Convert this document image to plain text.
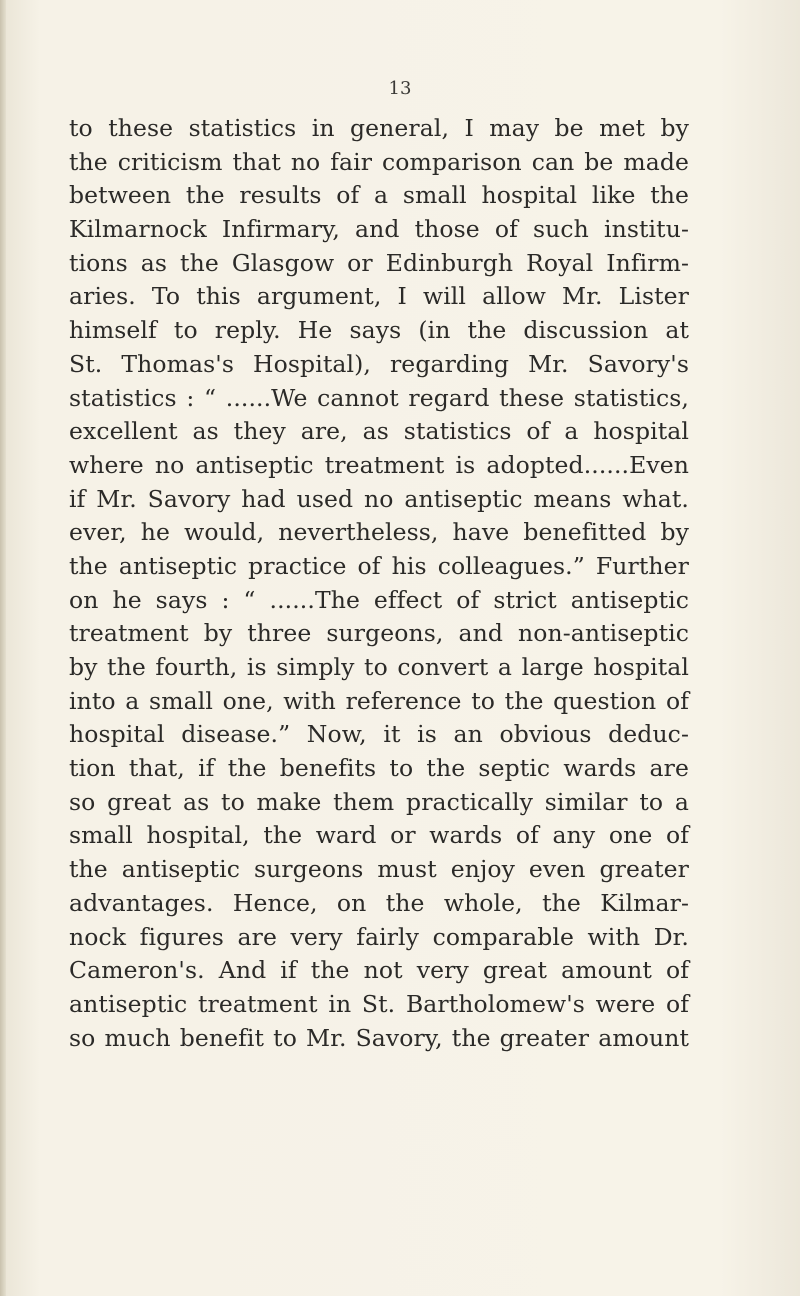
13
to these statistics in general, I may be met by
the criticism that no fair comparison can be made
between the results of a small hospital like the
Kilmarnock Infirmary, and those of such institu-
tions as the Glasgow or Edinburgh Royal Infirm-
aries. To this argument, I will allow Mr. Lister
himself to reply. He says (in the discussion at
St. Thomas's Hospital), regarding Mr. Savory's
statistics : “ ......We cannot regard these statistics,
excellent as they are, as statistics of a hospital
where no antiseptic treatment is adopted......Even
if Mr. Savory had used no antiseptic means what.
ever, he would, nevertheless, have benefitted by
the antiseptic practice of his colleagues.” Further
on he says : “ ......The effect of strict antiseptic
treatment by three surgeons, and non-antiseptic
by the fourth, is simply to convert a large hospital
into a small one, with reference to the question of
hospital disease.” Now, it is an obvious deduc-
tion that, if the benefits to the septic wards are
so great as to make them practically similar to a
small hospital, the ward or wards of any one of
the antiseptic surgeons must enjoy even greater
advantages. Hence, on the whole, the Kilmar-
nock figures are very fairly comparable with Dr.
Cameron's. And if the not very great amount of
antiseptic treatment in St. Bartholomew's were of
so much benefit to Mr. Savory, the greater amount
